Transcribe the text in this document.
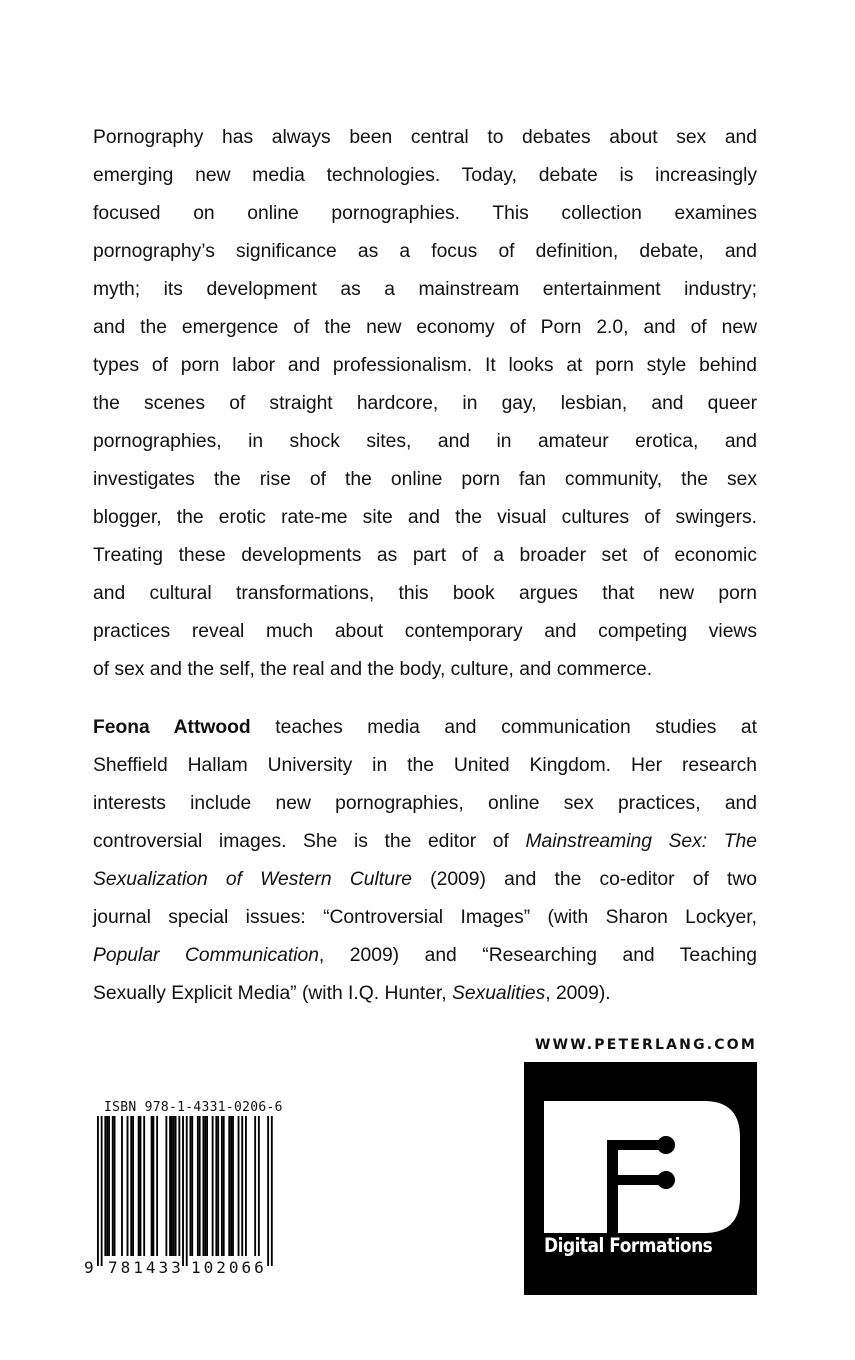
Pornography has always been central to debates about sex and
emerging new media technologies. Today, debate is increasingly
focused on online pornographies. This collection examines
pornography’s significance as a focus of definition, debate, and
myth; its development as a mainstream entertainment industry;
and the emergence of the new economy of Porn 2.0, and of new
types of porn labor and professionalism. It looks at porn style behind
the scenes of straight hardcore, in gay, lesbian, and queer
pornographies, in shock sites, and in amateur erotica, and
investigates the rise of the online porn fan community, the sex
blogger, the erotic rate-me site and the visual cultures of swingers.
Treating these developments as part of a broader set of economic
and cultural transformations, this book argues that new porn
practices reveal much about contemporary and competing views
of sex and the self, the real and the body, culture, and commerce.
Feona Attwood teaches media and communication studies at
Sheffield Hallam University in the United Kingdom. Her research
interests include new pornographies, online sex practices, and
controversial images. She is the editor of Mainstreaming Sex: The
Sexualization of Western Culture (2009) and the co-editor of two
journal special issues: “Controversial Images” (with Sharon Lockyer,
Popular Communication, 2009) and “Researching and Teaching
Sexually Explicit Media” (with I.Q. Hunter, Sexualities, 2009).
WWW.PETERLANG.COM
Digital Formations
ISBN 978-1-4331-0206-6
9 781433 102066
